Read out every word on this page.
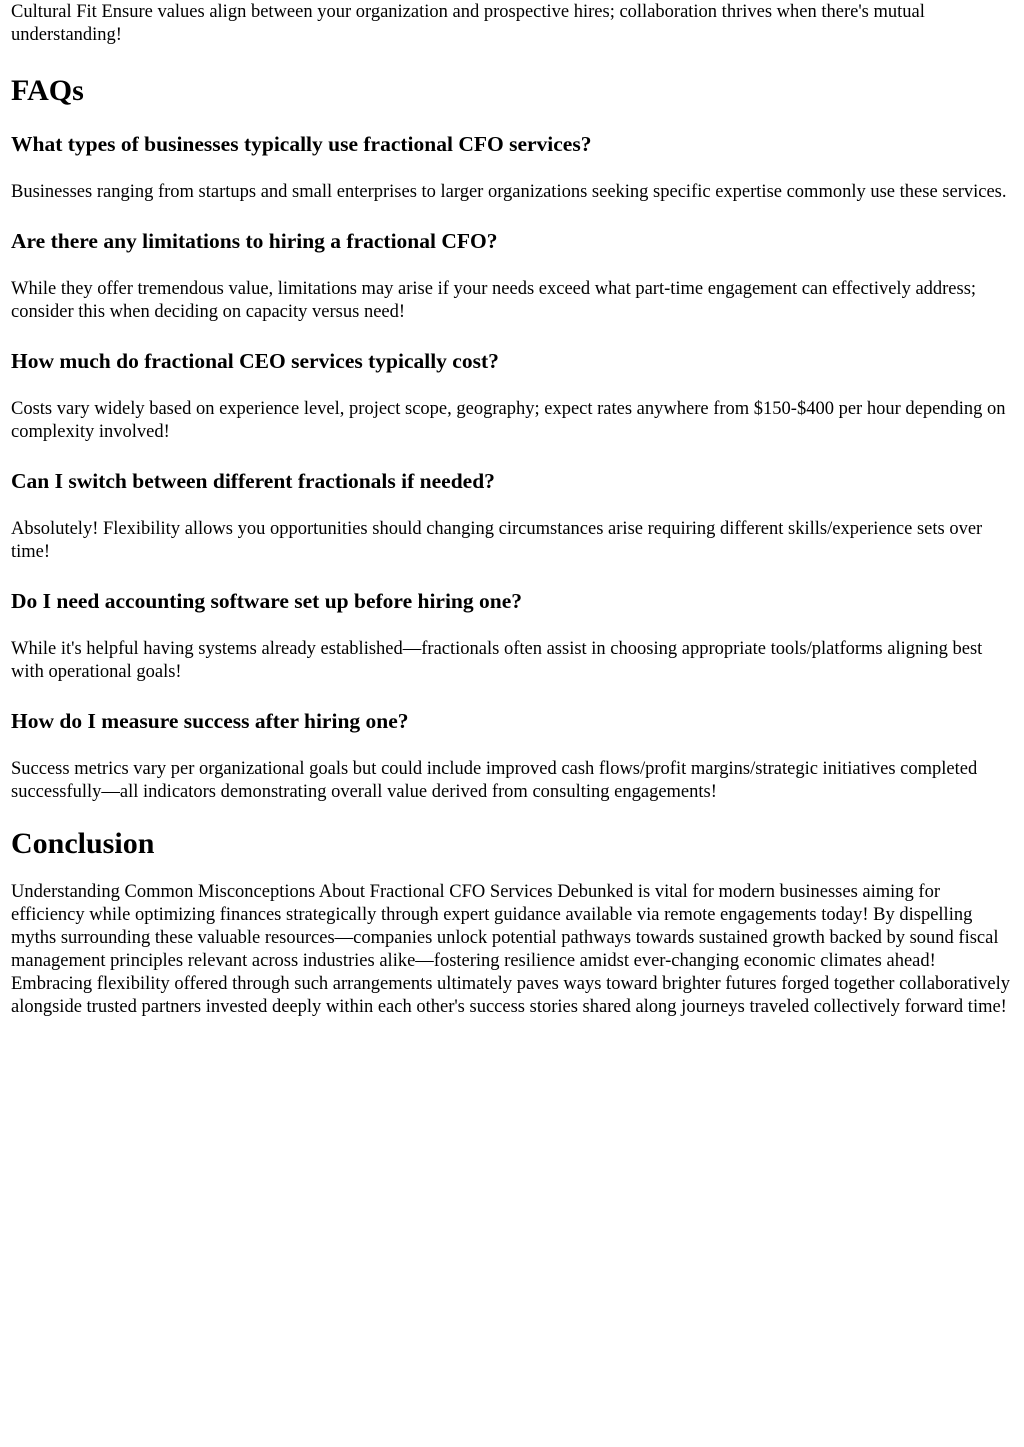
Cultural Fit Ensure values align between your organization and prospective hires; collaboration thrives when there's mutual understanding!

FAQs
What types of businesses typically use fractional CFO services?

Businesses ranging from startups and small enterprises to larger organizations seeking specific expertise commonly use these services.

Are there any limitations to hiring a fractional CFO?

While they offer tremendous value, limitations may arise if your needs exceed what part-time engagement can effectively address; consider this when deciding on capacity versus need!

How much do fractional CEO services typically cost?

Costs vary widely based on experience level, project scope, geography; expect rates anywhere from $150-$400 per hour depending on complexity involved!

Can I switch between different fractionals if needed?

Absolutely! Flexibility allows you opportunities should changing circumstances arise requiring different skills/experience sets over time!

Do I need accounting software set up before hiring one?

While it's helpful having systems already established—fractionals often assist in choosing appropriate tools/platforms aligning best with operational goals!

How do I measure success after hiring one?

Success metrics vary per organizational goals but could include improved cash flows/profit margins/strategic initiatives completed successfully—all indicators demonstrating overall value derived from consulting engagements!

Conclusion

Understanding Common Misconceptions About Fractional CFO Services Debunked is vital for modern businesses aiming for efficiency while optimizing finances strategically through expert guidance available via remote engagements today! By dispelling myths surrounding these valuable resources—companies unlock potential pathways towards sustained growth backed by sound fiscal management principles relevant across industries alike—fostering resilience amidst ever-changing economic climates ahead! Embracing flexibility offered through such arrangements ultimately paves ways toward brighter futures forged together collaboratively alongside trusted partners invested deeply within each other's success stories shared along journeys traveled collectively forward time!
